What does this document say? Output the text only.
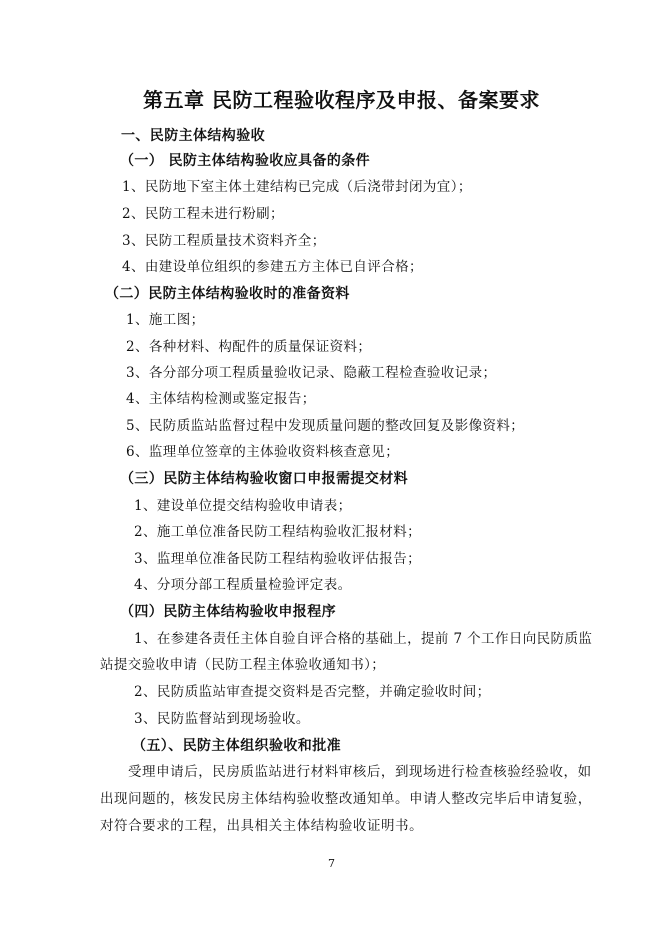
第五章 民防工程验收程序及申报、备案要求
一、民防主体结构验收
（一） 民防主体结构验收应具备的条件
1、民防地下室主体土建结构已完成（后浇带封闭为宜）；
2、民防工程未进行粉刷；
3、民防工程质量技术资料齐全；
4、由建设单位组织的参建五方主体已自评合格；
（二）民防主体结构验收时的准备资料
1、施工图；
2、各种材料、构配件的质量保证资料；
3、各分部分项工程质量验收记录、隐蔽工程检查验收记录；
4、主体结构检测或鉴定报告；
5、民防质监站监督过程中发现质量问题的整改回复及影像资料；
6、监理单位签章的主体验收资料核查意见；
（三）民防主体结构验收窗口申报需提交材料
1、建设单位提交结构验收申请表；
2、施工单位准备民防工程结构验收汇报材料；
3、监理单位准备民防工程结构验收评估报告；
4、分项分部工程质量检验评定表。
（四）民防主体结构验收申报程序
1、在参建各责任主体自验自评合格的基础上，提前 7 个工作日向民防质监
站提交验收申请（民防工程主体验收通知书）；
2、民防质监站审查提交资料是否完整，并确定验收时间；
3、民防监督站到现场验收。
（五）、民防主体组织验收和批准
受理申请后，民房质监站进行材料审核后，到现场进行检查核验经验收，如
出现问题的，核发民房主体结构验收整改通知单。申请人整改完毕后申请复验，
对符合要求的工程，出具相关主体结构验收证明书。
7
